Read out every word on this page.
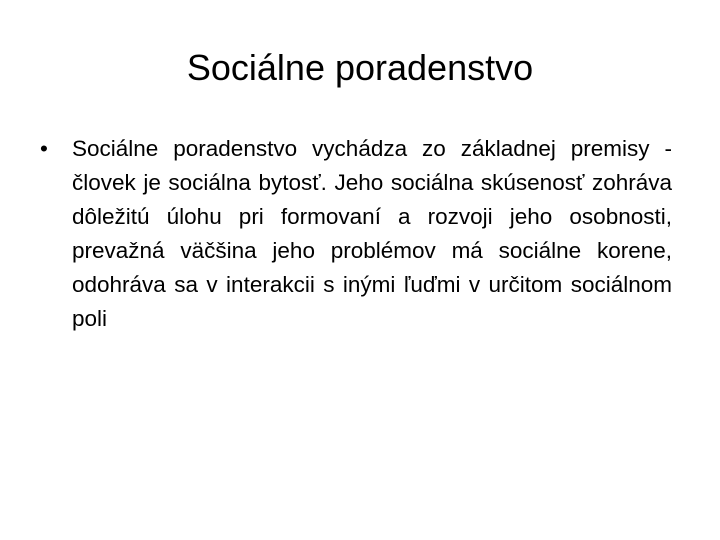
Sociálne poradenstvo
•	Sociálne poradenstvo vychádza zo základnej premisy - človek je sociálna bytosť. Jeho sociálna skúsenosť zohráva dôležitú úlohu pri formovaní a rozvoji jeho osobnosti, prevažná väčšina jeho problémov má sociálne korene, odohráva sa v interakcii s inými ľuďmi v určitom sociálnom poli
